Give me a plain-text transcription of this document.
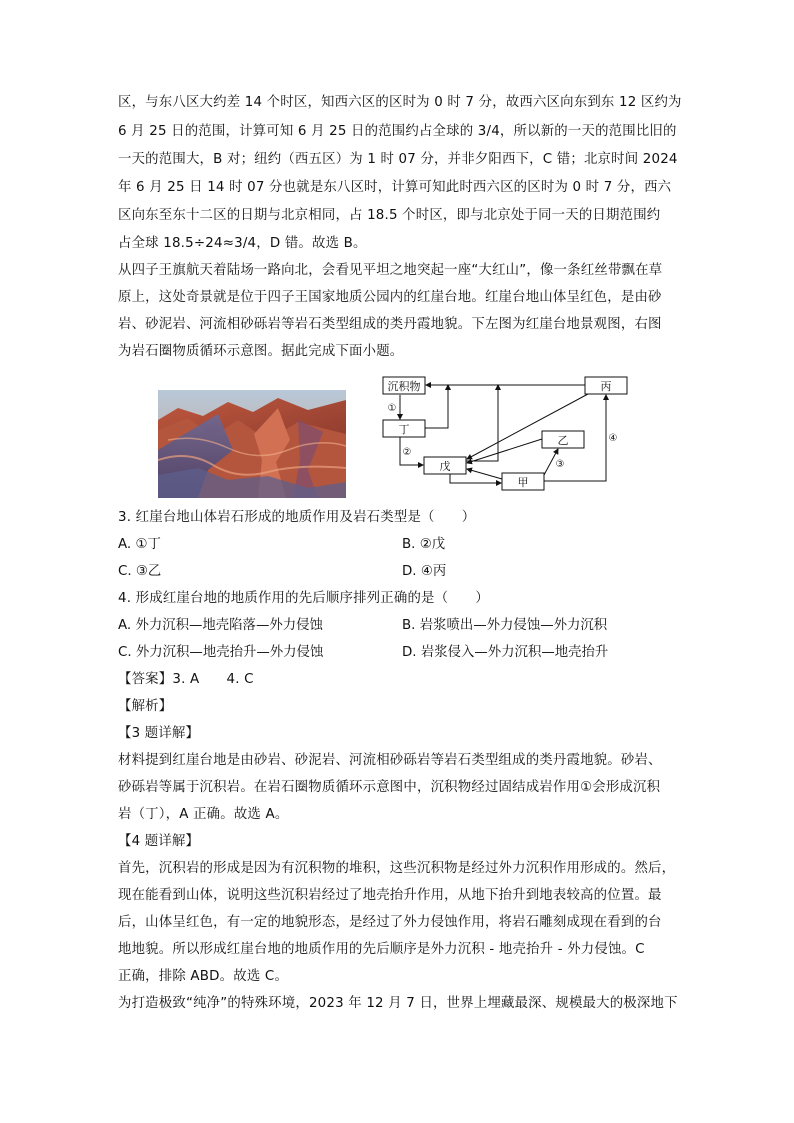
区，与东八区大约差 14 个时区，知西六区的区时为 0 时 7 分，故西六区向东到东 12 区约为
6 月 25 日的范围，计算可知 6 月 25 日的范围约占全球的 3/4，所以新的一天的范围比旧的
一天的范围大，B 对；纽约（西五区）为 1 时 07 分，并非夕阳西下，C 错；北京时间 2024
年 6 月 25 日 14 时 07 分也就是东八区时，计算可知此时西六区的区时为 0 时 7 分，西六
区向东至东十二区的日期与北京相同，占 18.5 个时区，即与北京处于同一天的日期范围约
占全球 18.5÷24≈3/4，D 错。故选 B。
从四子王旗航天着陆场一路向北，会看见平坦之地突起一座“大红山”，像一条红丝带飘在草
原上，这处奇景就是位于四子王国家地质公园内的红崖台地。红崖台地山体呈红色，是由砂
岩、砂泥岩、河流相砂砾岩等岩石类型组成的类丹霞地貌。下左图为红崖台地景观图，右图
为岩石圈物质循环示意图。据此完成下面小题。
沉积物	丙
丁
乙
戊
甲
①
②
③
④
3. 红崖台地山体岩石形成的地质作用及岩石类型是（　　）
A. ①丁	B. ②戊
C. ③乙	D. ④丙
4. 形成红崖台地的地质作用的先后顺序排列正确的是（　　）
A. 外力沉积—地壳陷落—外力侵蚀	B. 岩浆喷出—外力侵蚀—外力沉积
C. 外力沉积—地壳抬升—外力侵蚀	D. 岩浆侵入—外力沉积—地壳抬升
【答案】3. A　　4. C
【解析】
【3 题详解】
材料提到红崖台地是由砂岩、砂泥岩、河流相砂砾岩等岩石类型组成的类丹霞地貌。砂岩、
砂砾岩等属于沉积岩。在岩石圈物质循环示意图中，沉积物经过固结成岩作用①会形成沉积
岩（丁），A 正确。故选 A。
【4 题详解】
首先，沉积岩的形成是因为有沉积物的堆积，这些沉积物是经过外力沉积作用形成的。然后，
现在能看到山体，说明这些沉积岩经过了地壳抬升作用，从地下抬升到地表较高的位置。最
后，山体呈红色，有一定的地貌形态，是经过了外力侵蚀作用，将岩石雕刻成现在看到的台
地地貌。所以形成红崖台地的地质作用的先后顺序是外力沉积 - 地壳抬升 - 外力侵蚀。C
正确，排除 ABD。故选 C。
为打造极致“纯净”的特殊环境，2023 年 12 月 7 日，世界上埋藏最深、规模最大的极深地下
